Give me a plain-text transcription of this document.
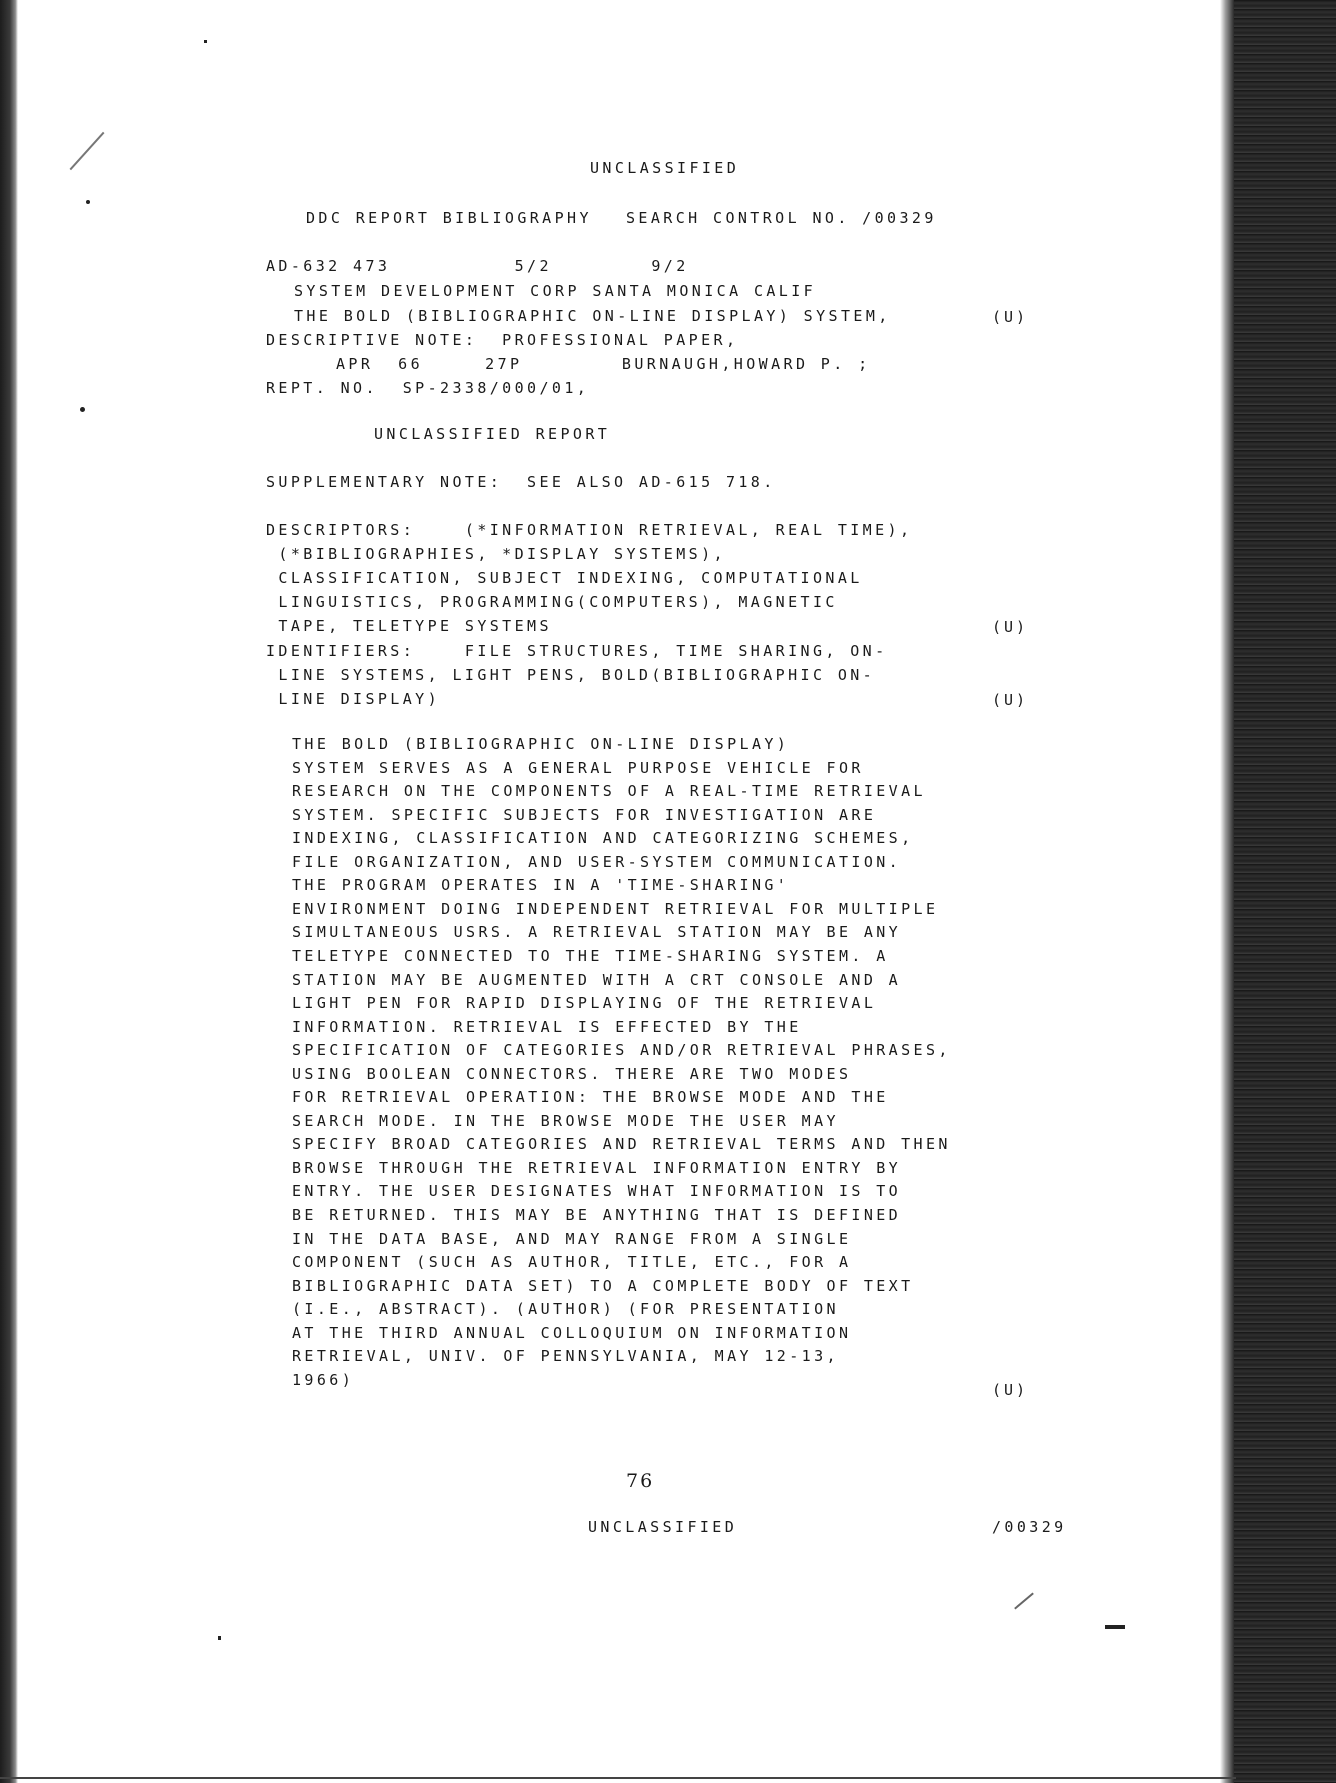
UNCLASSIFIED
DDC REPORT BIBLIOGRAPHY SEARCH CONTROL NO. /00329
AD-632 473          5/2        9/2
SYSTEM DEVELOPMENT CORP SANTA MONICA CALIF
THE BOLD (BIBLIOGRAPHIC ON-LINE DISPLAY) SYSTEM,	(U)
DESCRIPTIVE NOTE:  PROFESSIONAL PAPER,
APR  66     27P        BURNAUGH,HOWARD P. ;
REPT. NO.  SP-2338/000/01,
UNCLASSIFIED REPORT
SUPPLEMENTARY NOTE:  SEE ALSO AD-615 718.
DESCRIPTORS:    (*INFORMATION RETRIEVAL, REAL TIME),
(*BIBLIOGRAPHIES, *DISPLAY SYSTEMS),
CLASSIFICATION, SUBJECT INDEXING, COMPUTATIONAL
LINGUISTICS, PROGRAMMING(COMPUTERS), MAGNETIC
TAPE, TELETYPE SYSTEMS	(U)
IDENTIFIERS:    FILE STRUCTURES, TIME SHARING, ON-
LINE SYSTEMS, LIGHT PENS, BOLD(BIBLIOGRAPHIC ON-
LINE DISPLAY)	(U)
THE BOLD (BIBLIOGRAPHIC ON-LINE DISPLAY)
SYSTEM SERVES AS A GENERAL PURPOSE VEHICLE FOR
RESEARCH ON THE COMPONENTS OF A REAL-TIME RETRIEVAL
SYSTEM. SPECIFIC SUBJECTS FOR INVESTIGATION ARE
INDEXING, CLASSIFICATION AND CATEGORIZING SCHEMES,
FILE ORGANIZATION, AND USER-SYSTEM COMMUNICATION.
THE PROGRAM OPERATES IN A 'TIME-SHARING'
ENVIRONMENT DOING INDEPENDENT RETRIEVAL FOR MULTIPLE
SIMULTANEOUS USRS. A RETRIEVAL STATION MAY BE ANY
TELETYPE CONNECTED TO THE TIME-SHARING SYSTEM. A
STATION MAY BE AUGMENTED WITH A CRT CONSOLE AND A
LIGHT PEN FOR RAPID DISPLAYING OF THE RETRIEVAL
INFORMATION. RETRIEVAL IS EFFECTED BY THE
SPECIFICATION OF CATEGORIES AND/OR RETRIEVAL PHRASES,
USING BOOLEAN CONNECTORS. THERE ARE TWO MODES
FOR RETRIEVAL OPERATION: THE BROWSE MODE AND THE
SEARCH MODE. IN THE BROWSE MODE THE USER MAY
SPECIFY BROAD CATEGORIES AND RETRIEVAL TERMS AND THEN
BROWSE THROUGH THE RETRIEVAL INFORMATION ENTRY BY
ENTRY. THE USER DESIGNATES WHAT INFORMATION IS TO
BE RETURNED. THIS MAY BE ANYTHING THAT IS DEFINED
IN THE DATA BASE, AND MAY RANGE FROM A SINGLE
COMPONENT (SUCH AS AUTHOR, TITLE, ETC., FOR A
BIBLIOGRAPHIC DATA SET) TO A COMPLETE BODY OF TEXT
(I.E., ABSTRACT). (AUTHOR) (FOR PRESENTATION
AT THE THIRD ANNUAL COLLOQUIUM ON INFORMATION
RETRIEVAL, UNIV. OF PENNSYLVANIA, MAY 12-13,
1966)
(U)
76
UNCLASSIFIED	/00329
